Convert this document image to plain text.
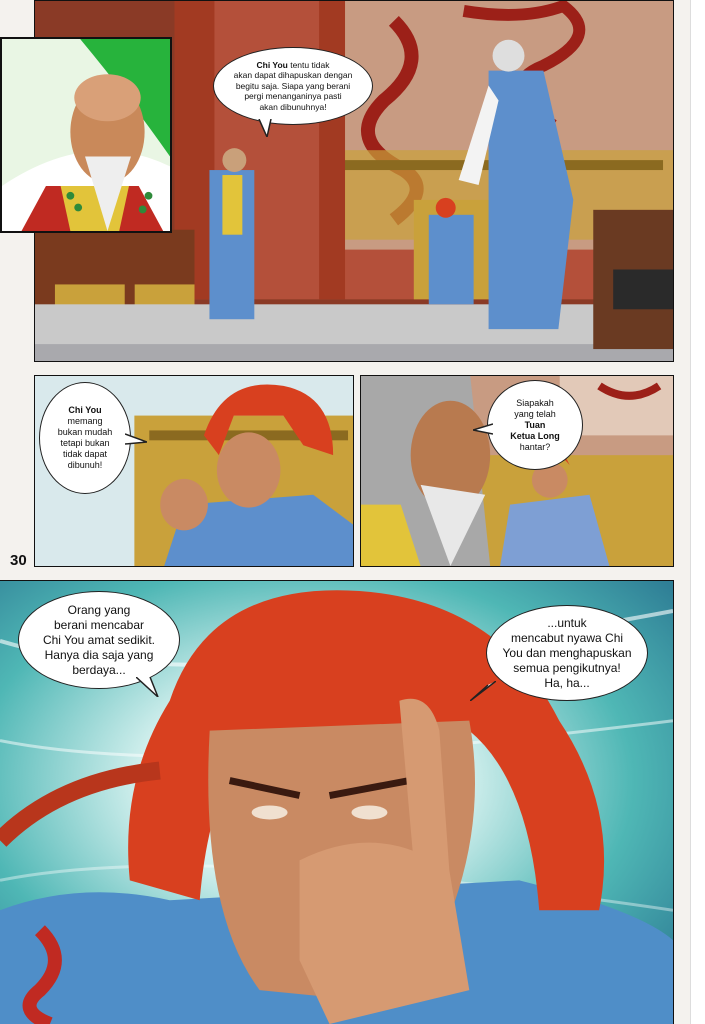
Chi You tentu tidak
akan dapat dihapuskan dengan
begitu saja. Siapa yang berani
pergi menanganinya pasti
akan dibunuhnya!
Chi You
memang
bukan mudah
tetapi bukan
tidak dapat
dibunuh!
Siapakah
yang telah
Tuan
Ketua Long
hantar?
30
Orang yang
berani mencabar
Chi You amat sedikit.
Hanya dia saja yang
berdaya...
...untuk
mencabut nyawa Chi
You dan menghapuskan
semua pengikutnya!
Ha, ha...
